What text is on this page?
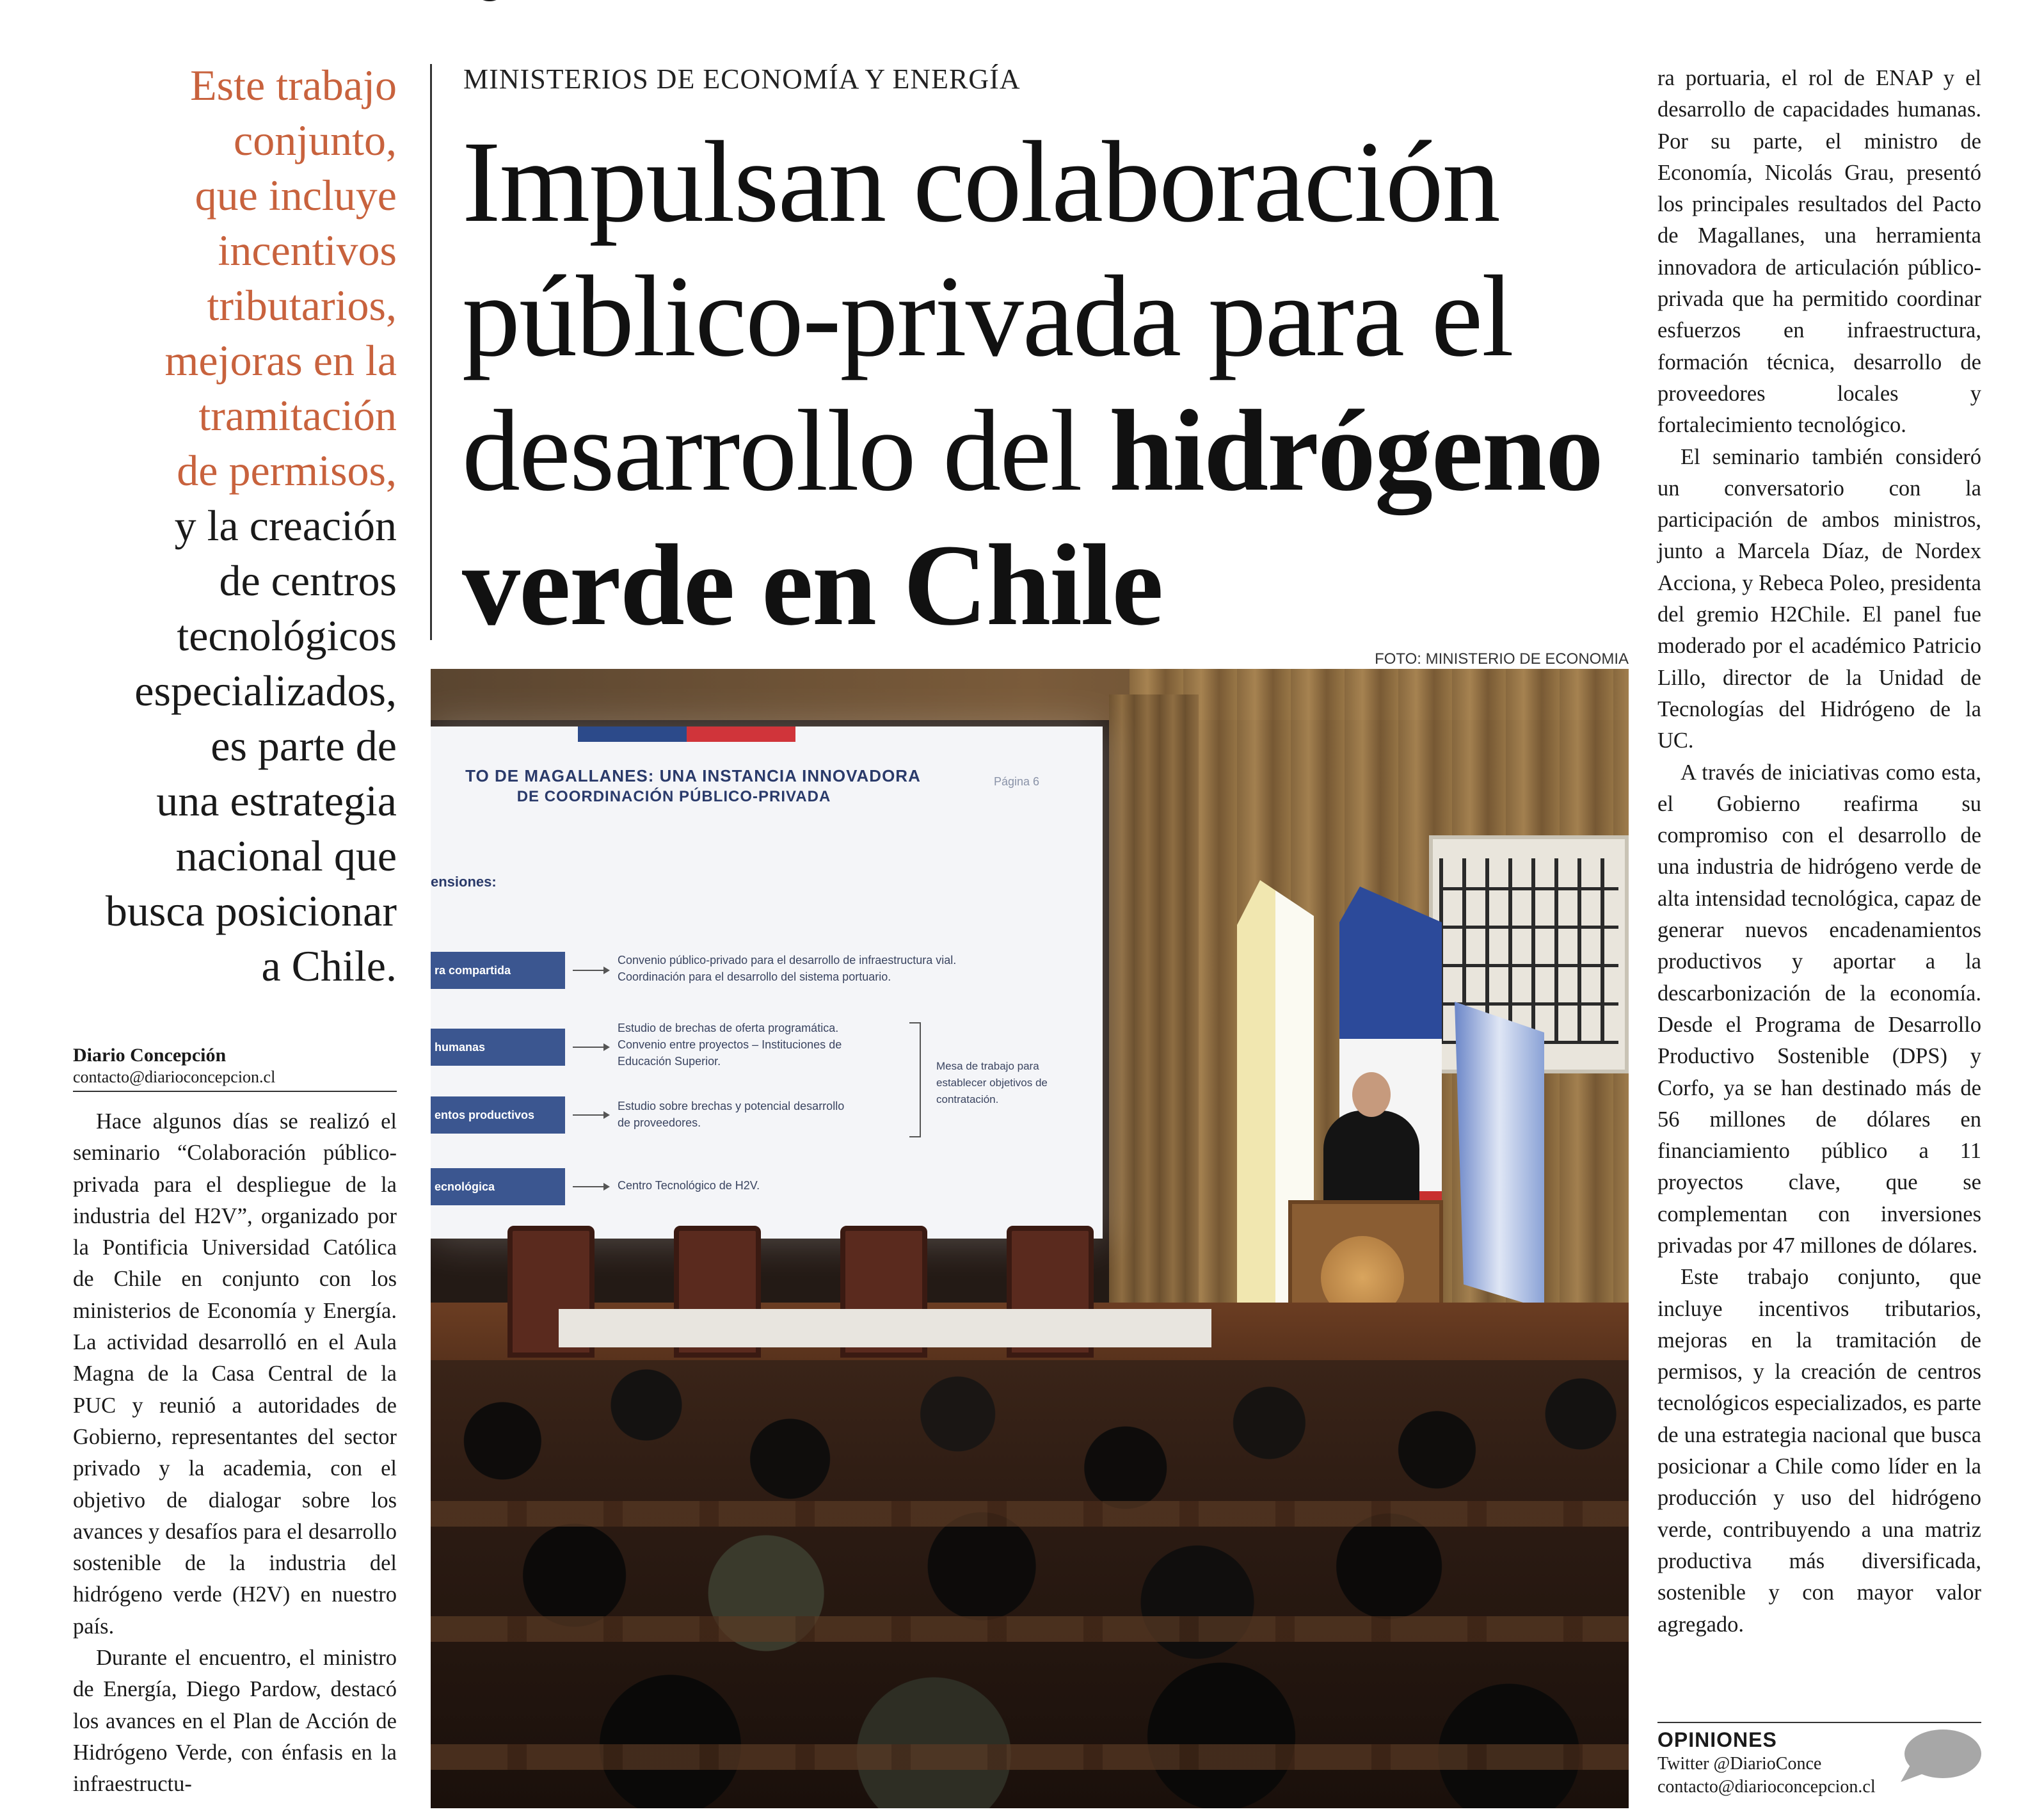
Este trabajo
conjunto,
que incluye
incentivos
tributarios,
mejoras en la
tramitación
de permisos,
y la creación
de centros
tecnológicos
especializados,
es parte de
una estrategia
nacional que
busca posicionar
a Chile.
MINISTERIOS DE ECONOMÍA Y ENERGÍA
Impulsan colaboración
público-privada para el
desarrollo del hidrógeno
verde en Chile
FOTO: MINISTERIO DE ECONOMIA
TO DE MAGALLANES: UNA INSTANCIA INNOVADORA
DE COORDINACIÓN PÚBLICO-PRIVADA
Página 6
ensiones:
ra compartida
Convenio público-privado para el desarrollo de infraestructura vial.
Coordinación para el desarrollo del sistema portuario.
humanas
Estudio de brechas de oferta programática.
Convenio entre proyectos – Instituciones de
Educación Superior.
entos productivos
Estudio sobre brechas y potencial desarrollo
de proveedores.
Mesa de trabajo para
establecer objetivos de
contratación.
ecnológica	Centro Tecnológico de H2V.
Diario Concepción
contacto@diarioconcepcion.cl

Hace algunos días se realizó el seminario “Colaboración público-privada para el despliegue de la industria del H2V”, organizado por la Pontificia Universidad Católica de Chile en conjunto con los ministerios de Economía y Energía. La actividad desarrolló en el Aula Magna de la Casa Central de la PUC y reunió a autoridades de Gobierno, representantes del sector privado y la academia, con el objetivo de dialogar sobre los avances y desafíos para el desarrollo sostenible de la industria del hidrógeno verde (H2V) en nuestro país.

Durante el encuentro, el ministro de Energía, Diego Pardow, destacó los avances en el Plan de Acción de Hidrógeno Verde, con énfasis en la infraestructu-

ra portuaria, el rol de ENAP y el desarrollo de capacidades humanas. Por su parte, el ministro de Economía, Nicolás Grau, presentó los principales resultados del Pacto de Magallanes, una herramienta innovadora de articulación público-privada que ha permitido coordinar esfuerzos en infraestructura, formación técnica, desarrollo de proveedores locales y fortalecimiento tecnológico.

El seminario también consideró un conversatorio con la participación de ambos ministros, junto a Marcela Díaz, de Nordex Acciona, y Rebeca Poleo, presidenta del gremio H2Chile. El panel fue moderado por el académico Patricio Lillo, director de la Unidad de Tecnologías del Hidrógeno de la UC.

A través de iniciativas como esta, el Gobierno reafirma su compromiso con el desarrollo de una industria de hidrógeno verde de alta intensidad tecnológica, capaz de generar nuevos encadenamientos productivos y aportar a la descarbonización de la economía. Desde el Programa de Desarrollo Productivo Sostenible (DPS) y Corfo, ya se han destinado más de 56 millones de dólares en financiamiento público a 11 proyectos clave, que se complementan con inversiones privadas por 47 millones de dólares.

Este trabajo conjunto, que incluye incentivos tributarios, mejoras en la tramitación de permisos, y la creación de centros tecnológicos especializados, es parte de una estrategia nacional que busca posicionar a Chile como líder en la producción y uso del hidrógeno verde, contribuyendo a una matriz productiva más diversificada, sostenible y con mayor valor agregado.

OPINIONES
Twitter @DiarioConce
contacto@diarioconcepcion.cl
